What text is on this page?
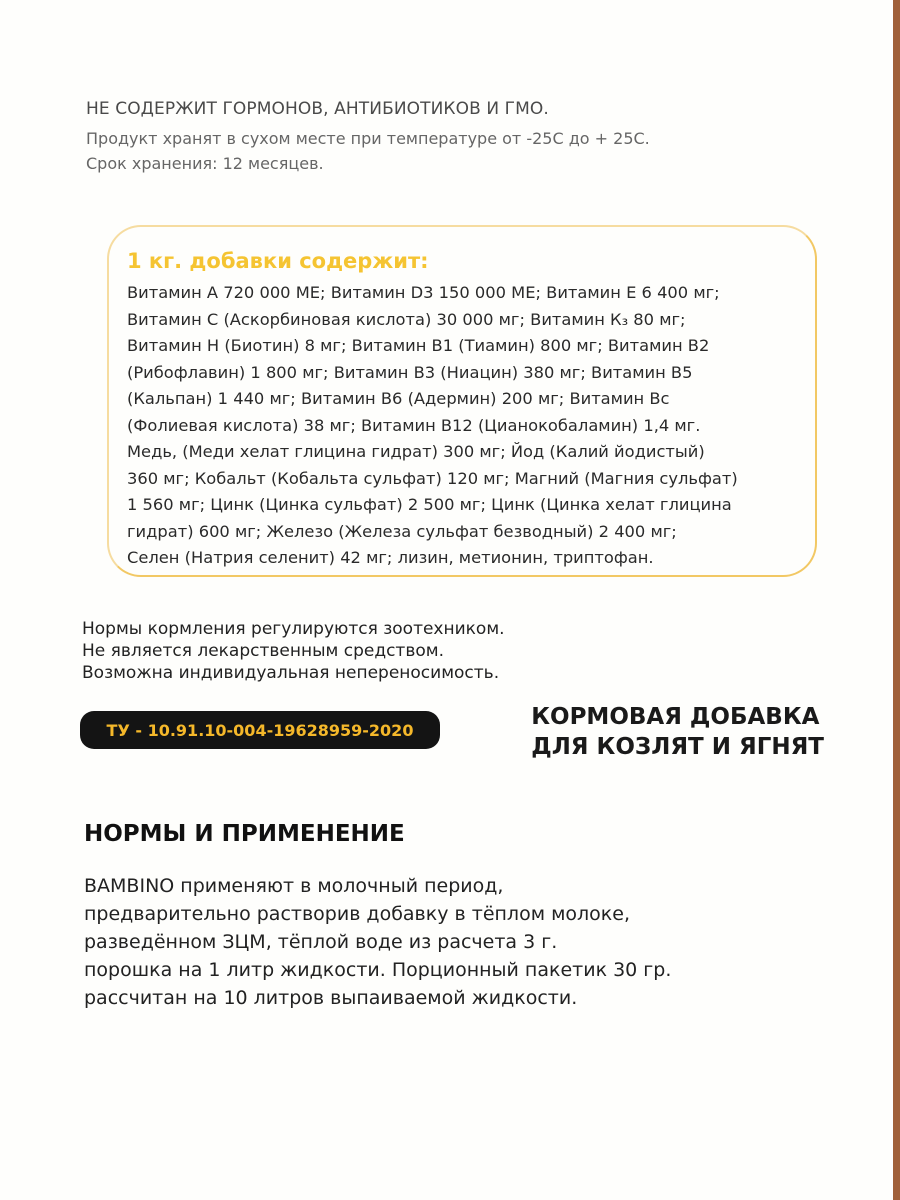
НЕ СОДЕРЖИТ ГОРМОНОВ, АНТИБИОТИКОВ И ГМО.

Продукт хранят в сухом месте при температуре от -25С до + 25С.

Срок хранения: 12 месяцев.

1 кг. добавки содержит:

Витамин А 720 000 МЕ; Витамин D3 150 000 МЕ; Витамин Е 6 400 мг;
Витамин С (Аскорбиновая кислота) 30 000 мг; Витамин К₃ 80 мг;
Витамин Н (Биотин) 8 мг; Витамин В1 (Тиамин) 800 мг; Витамин В2
(Рибофлавин) 1 800 мг; Витамин В3 (Ниацин) 380 мг; Витамин В5
(Кальпан) 1 440 мг; Витамин В6 (Адермин) 200 мг; Витамин Вс
(Фолиевая кислота) 38 мг; Витамин В12 (Цианокобаламин) 1,4 мг.
Медь, (Меди хелат глицина гидрат) 300 мг; Йод (Калий йодистый)
360 мг; Кобальт (Кобальта сульфат) 120 мг; Магний (Магния сульфат)
1 560 мг; Цинк (Цинка сульфат) 2 500 мг; Цинк (Цинка хелат глицина
гидрат) 600 мг; Железо (Железа сульфат безводный) 2 400 мг;
Селен (Натрия селенит) 42 мг; лизин, метионин, триптофан.

Нормы кормления регулируются зоотехником.

Не является лекарственным средством.

Возможна индивидуальная непереносимость.

ТУ - 10.91.10-004-19628959-2020	КОРМОВАЯ ДОБАВКА

ДЛЯ КОЗЛЯТ И ЯГНЯТ

НОРМЫ И ПРИМЕНЕНИЕ

BAMBINO применяют в молочный период,

предварительно растворив добавку в тёплом молоке,

разведённом ЗЦМ, тёплой воде из расчета 3 г.

порошка на 1 литр жидкости. Порционный пакетик 30 гр.

рассчитан на 10 литров выпаиваемой жидкости.
